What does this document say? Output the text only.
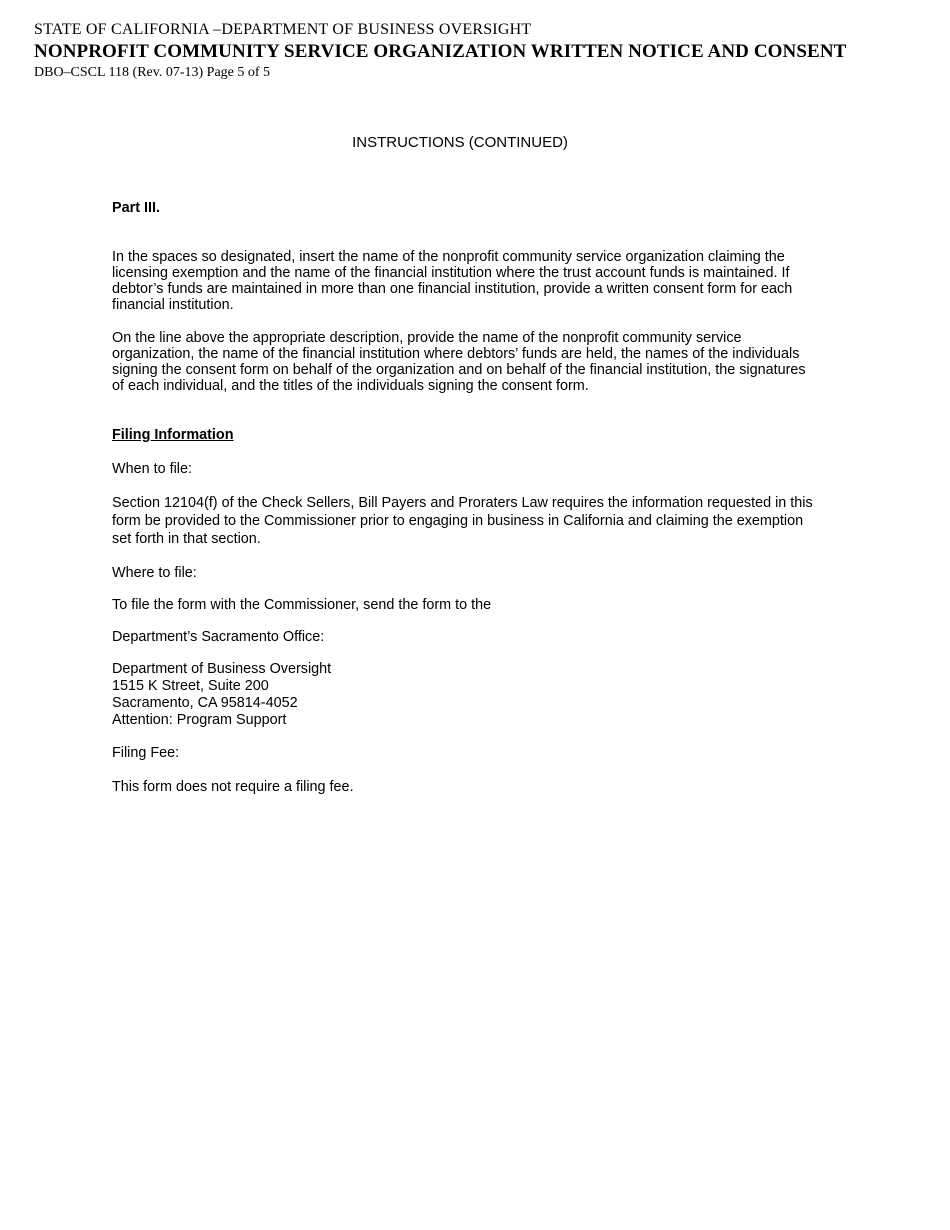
STATE OF CALIFORNIA –DEPARTMENT OF BUSINESS OVERSIGHT
NONPROFIT COMMUNITY SERVICE ORGANIZATION WRITTEN NOTICE AND CONSENT
DBO–CSCL 118 (Rev. 07-13) Page 5 of 5
INSTRUCTIONS (CONTINUED)
Part III.
In the spaces so designated, insert the name of the nonprofit community service organization claiming the licensing exemption and the name of the financial institution where the trust account funds is maintained. If debtor’s funds are maintained in more than one financial institution, provide a written consent form for each financial institution.
On the line above the appropriate description, provide the name of the nonprofit community service organization, the name of the financial institution where debtors’ funds are held, the names of the individuals signing the consent form on behalf of the organization and on behalf of the financial institution, the signatures of each individual, and the titles of the individuals signing the consent form.
Filing Information
When to file:
Section 12104(f) of the Check Sellers, Bill Payers and Proraters Law requires the information requested in this form be provided to the Commissioner prior to engaging in business in California and claiming the exemption set forth in that section.
Where to file:
To file the form with the Commissioner, send the form to the
Department’s Sacramento Office:
Department of Business Oversight
1515 K Street, Suite 200
Sacramento, CA 95814-4052
Attention: Program Support
Filing Fee:
This form does not require a filing fee.
